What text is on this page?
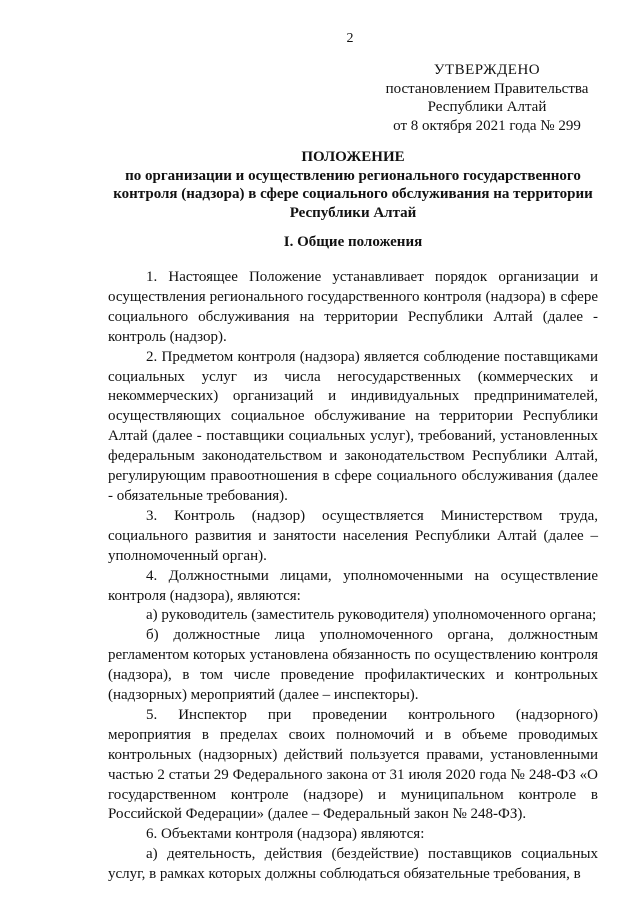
2
УТВЕРЖДЕНО
постановлением Правительства
Республики Алтай
от 8 октября 2021 года № 299
ПОЛОЖЕНИЕ
по организации и осуществлению регионального государственного контроля (надзора) в сфере социального обслуживания на территории Республики Алтай
I. Общие положения

1. Настоящее Положение устанавливает порядок организации и осуществления регионального государственного контроля (надзора) в сфере социального обслуживания на территории Республики Алтай (далее - контроль (надзор).

2. Предметом контроля (надзора) является соблюдение поставщиками социальных услуг из числа негосударственных (коммерческих и некоммерческих) организаций и индивидуальных предпринимателей, осуществляющих социальное обслуживание на территории Республики Алтай (далее - поставщики социальных услуг), требований, установленных федеральным законодательством и законодательством Республики Алтай, регулирующим правоотношения в сфере социального обслуживания (далее - обязательные требования).

3. Контроль (надзор) осуществляется Министерством труда, социального развития и занятости населения Республики Алтай (далее – уполномоченный орган).

4. Должностными лицами, уполномоченными на осуществление контроля (надзора), являются:

а) руководитель (заместитель руководителя) уполномоченного органа;

б) должностные лица уполномоченного органа, должностным регламентом которых установлена обязанность по осуществлению контроля (надзора), в том числе проведение профилактических и контрольных (надзорных) мероприятий (далее – инспекторы).

5. Инспектор при проведении контрольного (надзорного) мероприятия в пределах своих полномочий и в объеме проводимых контрольных (надзорных) действий пользуется правами, установленными частью 2 статьи 29 Федерального закона от 31 июля 2020 года № 248-ФЗ «О государственном контроле (надзоре) и муниципальном контроле в Российской Федерации» (далее – Федеральный закон № 248-ФЗ).

6. Объектами контроля (надзора) являются:

а) деятельность, действия (бездействие) поставщиков социальных услуг, в рамках которых должны соблюдаться обязательные требования, в
